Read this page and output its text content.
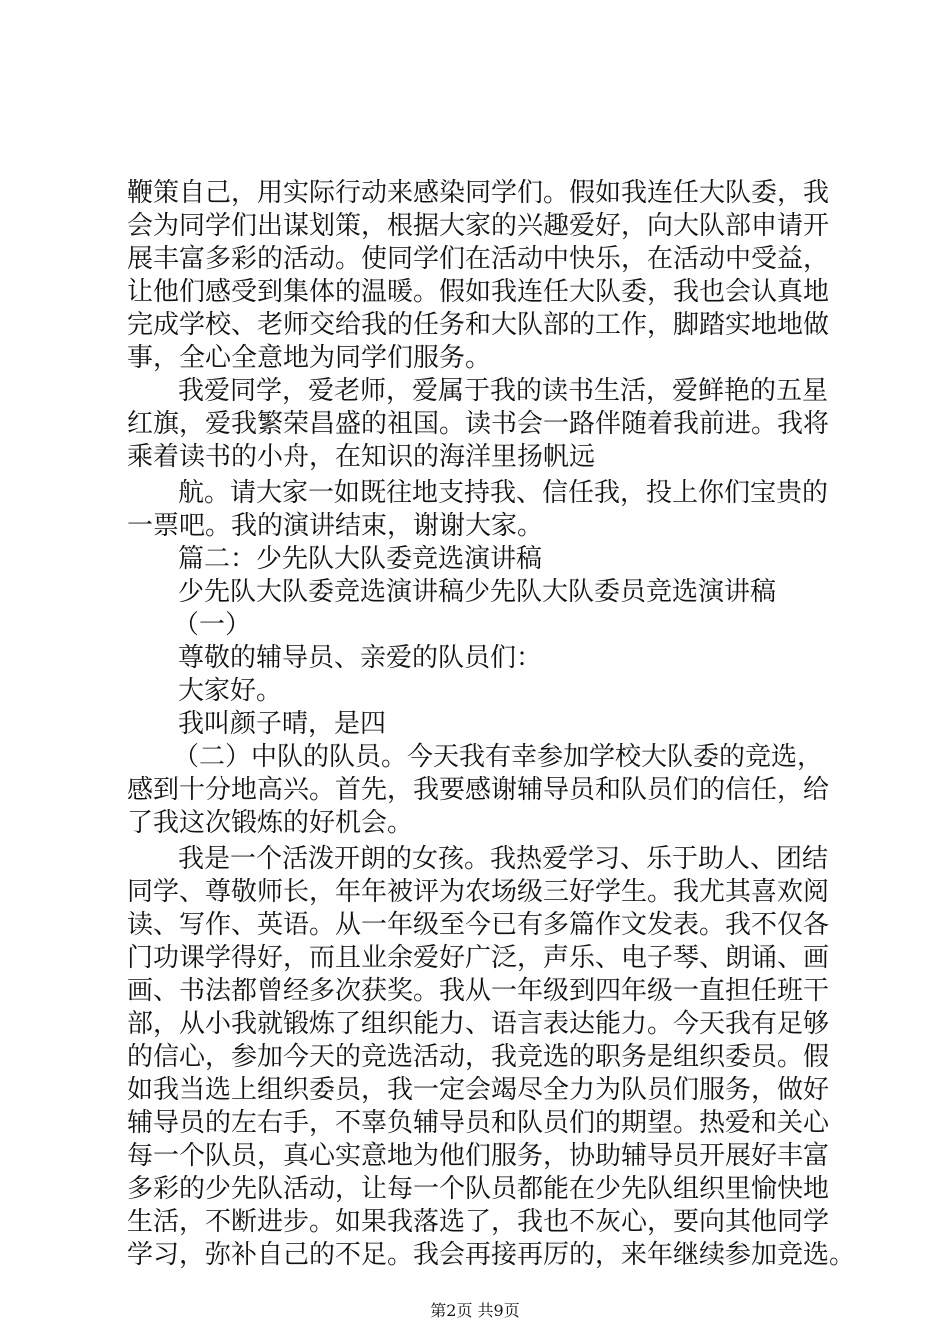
鞭策自己，用实际行动来感染同学们。假如我连任大队委，我
会为同学们出谋划策，根据大家的兴趣爱好，向大队部申请开
展丰富多彩的活动。使同学们在活动中快乐，在活动中受益，
让他们感受到集体的温暖。假如我连任大队委，我也会认真地
完成学校、老师交给我的任务和大队部的工作，脚踏实地地做
事，全心全意地为同学们服务。
我爱同学，爱老师，爱属于我的读书生活，爱鲜艳的五星
红旗，爱我繁荣昌盛的祖国。读书会一路伴随着我前进。我将
乘着读书的小舟，在知识的海洋里扬帆远
航。请大家一如既往地支持我、信任我，投上你们宝贵的
一票吧。我的演讲结束，谢谢大家。
篇二：少先队大队委竞选演讲稿
少先队大队委竞选演讲稿少先队大队委员竞选演讲稿
（一）
尊敬的辅导员、亲爱的队员们：
大家好。
我叫颜子晴，是四
（二）中队的队员。今天我有幸参加学校大队委的竞选，
感到十分地高兴。首先，我要感谢辅导员和队员们的信任，给
了我这次锻炼的好机会。
我是一个活泼开朗的女孩。我热爱学习、乐于助人、团结
同学、尊敬师长，年年被评为农场级三好学生。我尤其喜欢阅
读、写作、英语。从一年级至今已有多篇作文发表。我不仅各
门功课学得好，而且业余爱好广泛，声乐、电子琴、朗诵、画
画、书法都曾经多次获奖。我从一年级到四年级一直担任班干
部，从小我就锻炼了组织能力、语言表达能力。今天我有足够
的信心，参加今天的竞选活动，我竞选的职务是组织委员。假
如我当选上组织委员，我一定会竭尽全力为队员们服务，做好
辅导员的左右手，不辜负辅导员和队员们的期望。热爱和关心
每一个队员，真心实意地为他们服务，协助辅导员开展好丰富
多彩的少先队活动，让每一个队员都能在少先队组织里愉快地
生活，不断进步。如果我落选了，我也不灰心，要向其他同学
学习，弥补自己的不足。我会再接再厉的，来年继续参加竞选。
第2页 共9页
